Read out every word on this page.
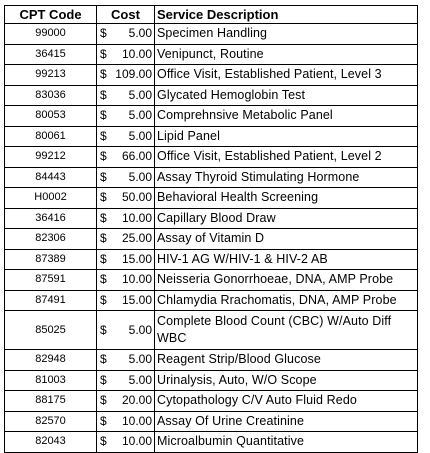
CPT Code	Cost	Service Description
99000	$ 5.00	Specimen Handling
36415	$ 10.00	Venipunct, Routine
99213	$ 109.00	Office Visit, Established Patient, Level 3
83036	$ 5.00	Glycated Hemoglobin Test
80053	$ 5.00	Comprehnsive Metabolic Panel
80061	$ 5.00	Lipid Panel
99212	$ 66.00	Office Visit, Established Patient, Level 2
84443	$ 5.00	Assay Thyroid Stimulating Hormone
H0002	$ 50.00	Behavioral Health Screening
36416	$ 10.00	Capillary Blood Draw
82306	$ 25.00	Assay of Vitamin D
87389	$ 15.00	HIV-1 AG W/HIV-1 & HIV-2 AB
87591	$ 10.00	Neisseria Gonorrhoeae, DNA, AMP Probe
87491	$ 15.00	Chlamydia Rrachomatis, DNA, AMP Probe
85025	$ 5.00	Complete Blood Count (CBC) W/Auto Diff WBC
82948	$ 5.00	Reagent Strip/Blood Glucose
81003	$ 5.00	Urinalysis, Auto, W/O Scope
88175	$ 20.00	Cytopathology C/V Auto Fluid Redo
82570	$ 10.00	Assay Of Urine Creatinine
82043	$ 10.00	Microalbumin Quantitative
